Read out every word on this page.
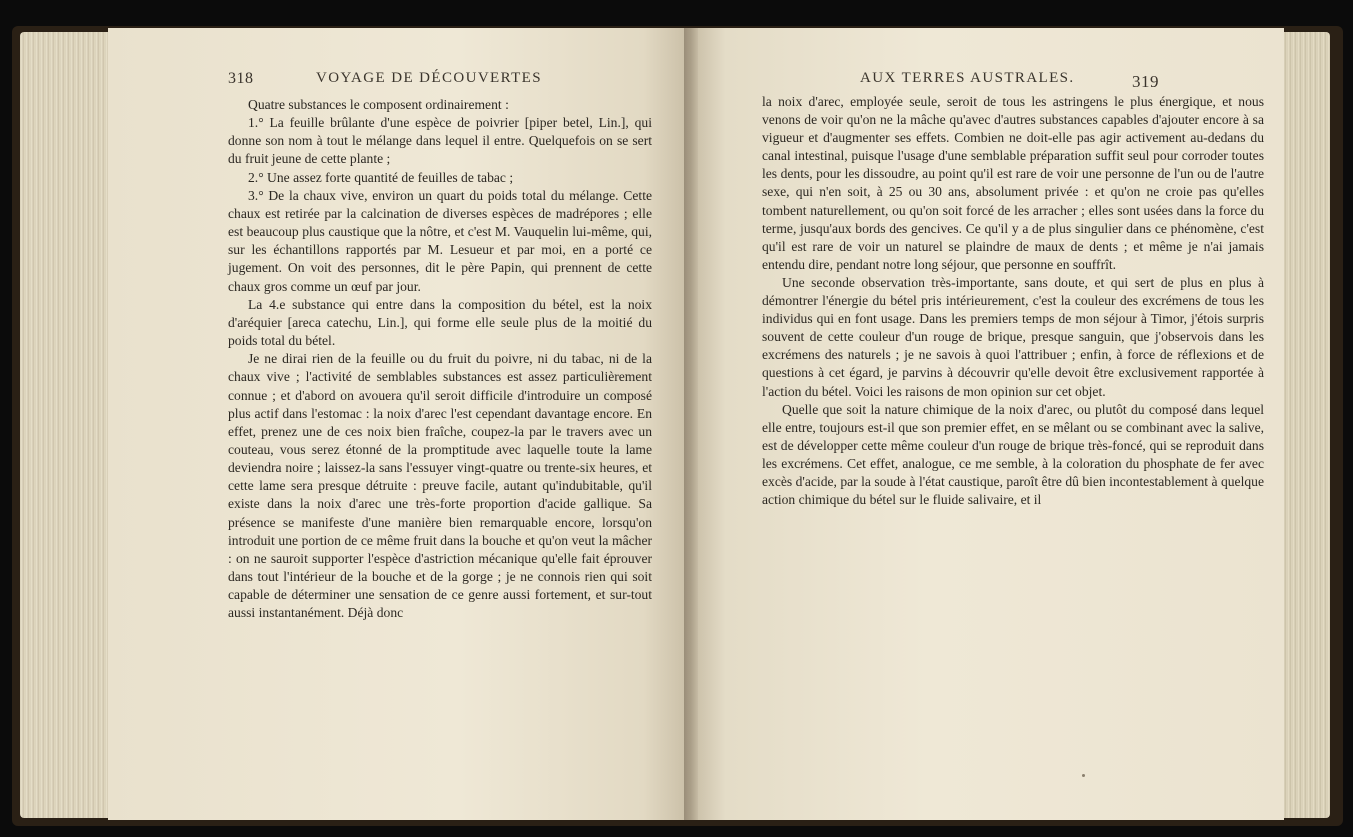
318	VOYAGE DE DÉCOUVERTES	AUX TERRES AUSTRALES.	319

Quatre substances le composent ordinairement :

1.° La feuille brûlante d'une espèce de poivrier [piper betel, Lin.], qui donne son nom à tout le mélange dans lequel il entre. Quelquefois on se sert du fruit jeune de cette plante ;

2.° Une assez forte quantité de feuilles de tabac ;

3.° De la chaux vive, environ un quart du poids total du mélange. Cette chaux est retirée par la calcination de diverses espèces de madrépores ; elle est beaucoup plus caustique que la nôtre, et c'est M. Vauquelin lui-même, qui, sur les échantillons rapportés par M. Lesueur et par moi, en a porté ce jugement. On voit des personnes, dit le père Papin, qui prennent de cette chaux gros comme un œuf par jour.

La 4.e substance qui entre dans la composition du bétel, est la noix d'aréquier [areca catechu, Lin.], qui forme elle seule plus de la moitié du poids total du bétel.

Je ne dirai rien de la feuille ou du fruit du poivre, ni du tabac, ni de la chaux vive ; l'activité de semblables substances est assez particulièrement connue ; et d'abord on avouera qu'il seroit difficile d'introduire un composé plus actif dans l'estomac : la noix d'arec l'est cependant davantage encore. En effet, prenez une de ces noix bien fraîche, coupez-la par le travers avec un couteau, vous serez étonné de la promptitude avec laquelle toute la lame deviendra noire ; laissez-la sans l'essuyer vingt-quatre ou trente-six heures, et cette lame sera presque détruite : preuve facile, autant qu'indubitable, qu'il existe dans la noix d'arec une très-forte proportion d'acide gallique. Sa présence se manifeste d'une manière bien remarquable encore, lorsqu'on introduit une portion de ce même fruit dans la bouche et qu'on veut la mâcher : on ne sauroit supporter l'espèce d'astriction mécanique qu'elle fait éprouver dans tout l'intérieur de la bouche et de la gorge ; je ne connois rien qui soit capable de déterminer une sensation de ce genre aussi fortement, et sur-tout aussi instantanément. Déjà donc

la noix d'arec, employée seule, seroit de tous les astringens le plus énergique, et nous venons de voir qu'on ne la mâche qu'avec d'autres substances capables d'ajouter encore à sa vigueur et d'augmenter ses effets. Combien ne doit-elle pas agir activement au-dedans du canal intestinal, puisque l'usage d'une semblable préparation suffit seul pour corroder toutes les dents, pour les dissoudre, au point qu'il est rare de voir une personne de l'un ou de l'autre sexe, qui n'en soit, à 25 ou 30 ans, absolument privée : et qu'on ne croie pas qu'elles tombent naturellement, ou qu'on soit forcé de les arracher ; elles sont usées dans la force du terme, jusqu'aux bords des gencives. Ce qu'il y a de plus singulier dans ce phénomène, c'est qu'il est rare de voir un naturel se plaindre de maux de dents ; et même je n'ai jamais entendu dire, pendant notre long séjour, que personne en souffrît.

Une seconde observation très-importante, sans doute, et qui sert de plus en plus à démontrer l'énergie du bétel pris intérieurement, c'est la couleur des excrémens de tous les individus qui en font usage. Dans les premiers temps de mon séjour à Timor, j'étois surpris souvent de cette couleur d'un rouge de brique, presque sanguin, que j'observois dans les excrémens des naturels ; je ne savois à quoi l'attribuer ; enfin, à force de réflexions et de questions à cet égard, je parvins à découvrir qu'elle devoit être exclusivement rapportée à l'action du bétel. Voici les raisons de mon opinion sur cet objet.

Quelle que soit la nature chimique de la noix d'arec, ou plutôt du composé dans lequel elle entre, toujours est-il que son premier effet, en se mêlant ou se combinant avec la salive, est de développer cette même couleur d'un rouge de brique très-foncé, qui se reproduit dans les excrémens. Cet effet, analogue, ce me semble, à la coloration du phosphate de fer avec excès d'acide, par la soude à l'état caustique, paroît être dû bien incontestablement à quelque action chimique du bétel sur le fluide salivaire, et il
